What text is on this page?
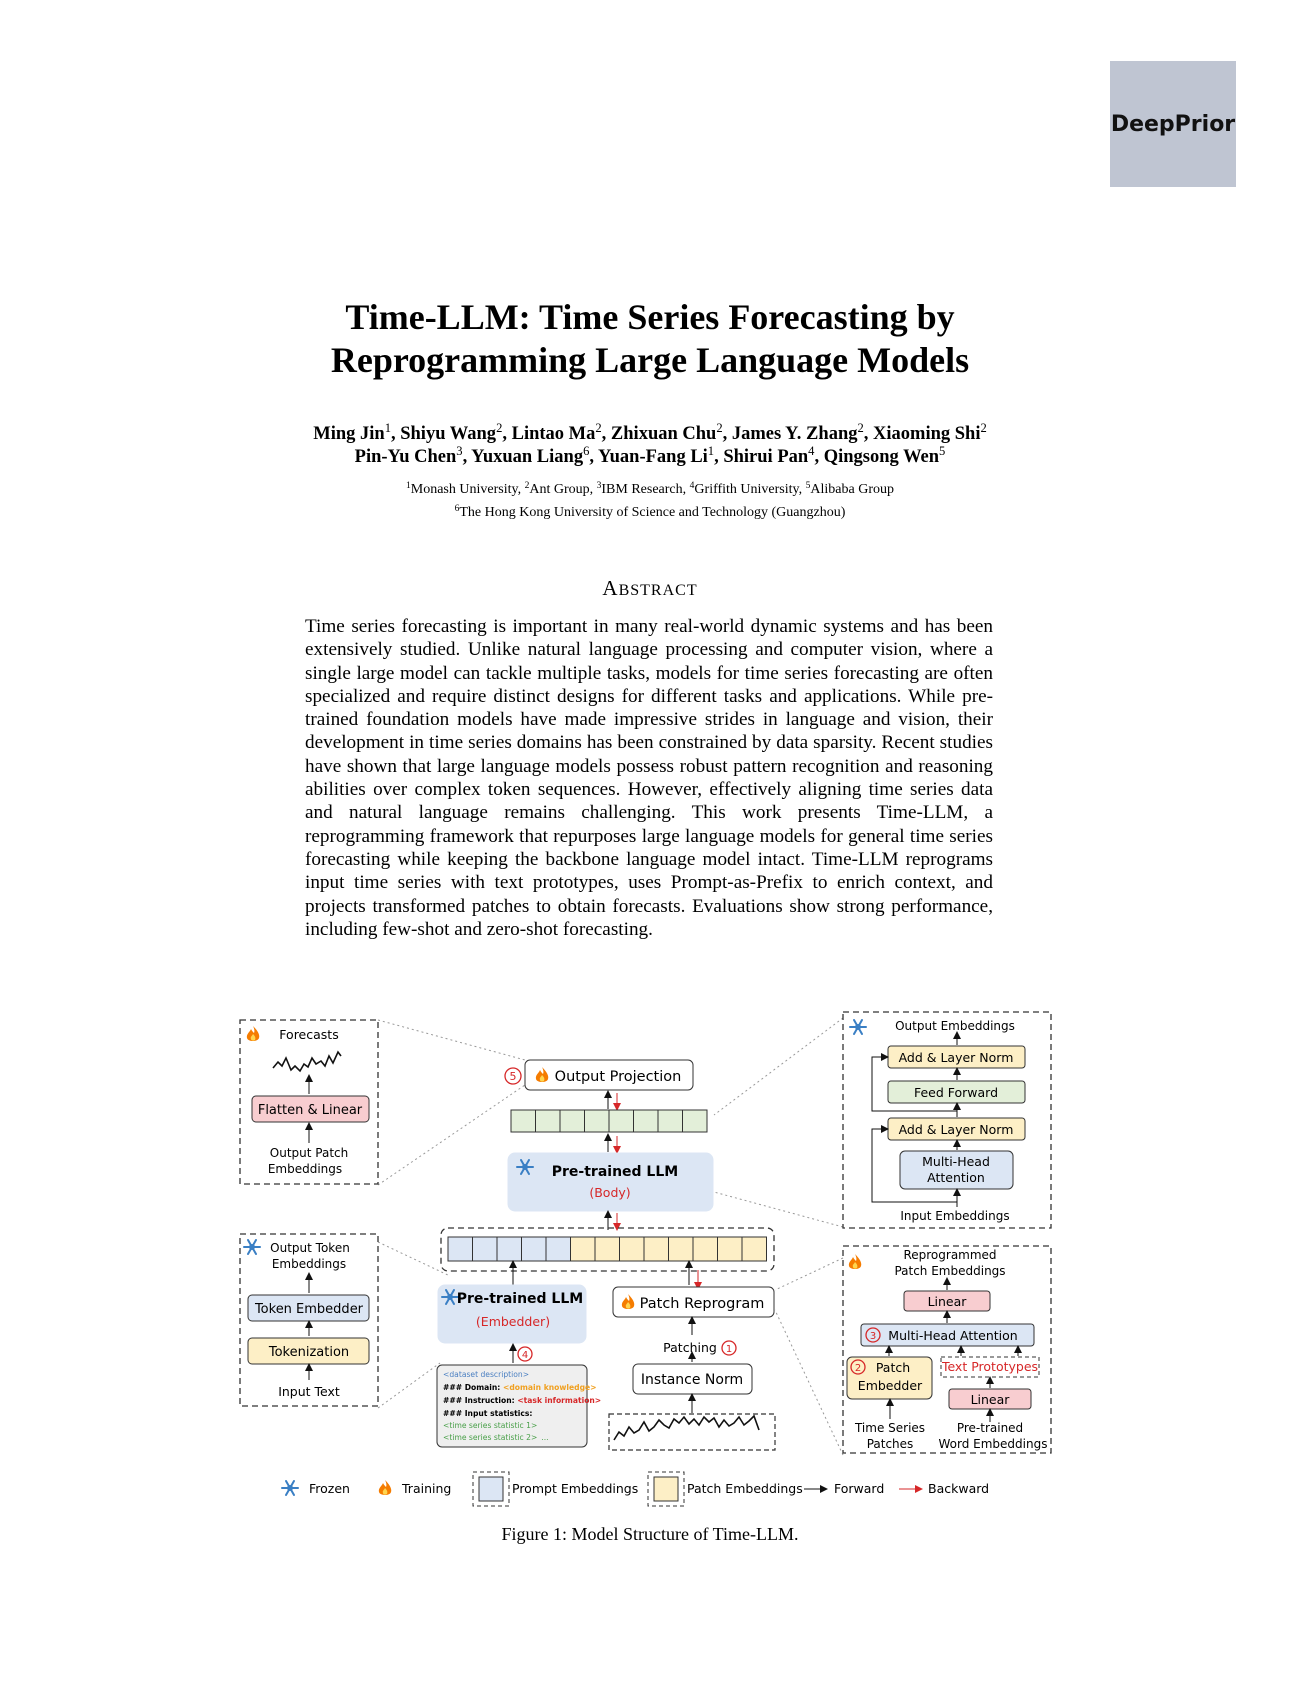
DeepPrior
Time-LLM: Time Series Forecasting by
Reprogramming Large Language Models
Ming Jin$^1$, Shiyu Wang$^2$, Lintao Ma$^2$, Zhixuan Chu$^2$, James Y. Zhang$^2$, Xiaoming Shi$^2$
Pin-Yu Chen$^3$, Yuxuan Liang$^6$, Yuan-Fang Li$^1$, Shirui Pan$^4$, Qingsong Wen$^5$
$^1$Monash University, $^2$Ant Group, $^3$IBM Research, $^4$Griffith University, $^5$Alibaba Group
$^6$The Hong Kong University of Science and Technology (Guangzhou)
ABSTRACT
Time series forecasting is important in many real-world dynamic systems and has been extensively studied. Unlike natural language processing and computer vision, where a single large model can tackle multiple tasks, models for time series forecasting are often specialized and require distinct designs for different tasks and applications. While pre-trained foundation models have made impressive strides in language and vision, their development in time series domains has been constrained by data sparsity. Recent studies have shown that large language models possess robust pattern recognition and reasoning abilities over complex token sequences. However, effectively aligning time series data and natural language remains challenging. This work presents Time-LLM, a reprogramming framework that repurposes large language models for general time series forecasting while keeping the backbone language model intact. Time-LLM reprograms input time series with text prototypes, uses Prompt-as-Prefix to enrich context, and projects transformed patches to obtain forecasts. Evaluations show strong performance, including few-shot and zero-shot forecasting.
Forecasts
Flatten & Linear
Output Patch
Embeddings
Output Token
Embeddings
Token Embedder
Tokenization
Input Text
5	Output Projection
Pre-trained LLM
(Body)
Pre-trained LLM
(Embedder)
4
<dataset description>
### Domain: <domain knowledge>
### Instruction: <task information>
### Input statistics:
<time series statistic 1>
<time series statistic 2> ...
Patch Reprogram
Patching 1
Instance Norm
Output Embeddings
Add & Layer Norm
Feed Forward
Add & Layer Norm
Multi-Head
Attention
Input Embeddings
Reprogrammed
Patch Embeddings
Linear
3 Multi-Head Attention
2 Patch
Embedder
Text Prototypes
Linear
Time Series
Patches
Pre-trained
Word Embeddings
Frozen	Training	Prompt Embeddings	Patch Embeddings	Forward	Backward
Figure 1: Model Structure of Time-LLM.
